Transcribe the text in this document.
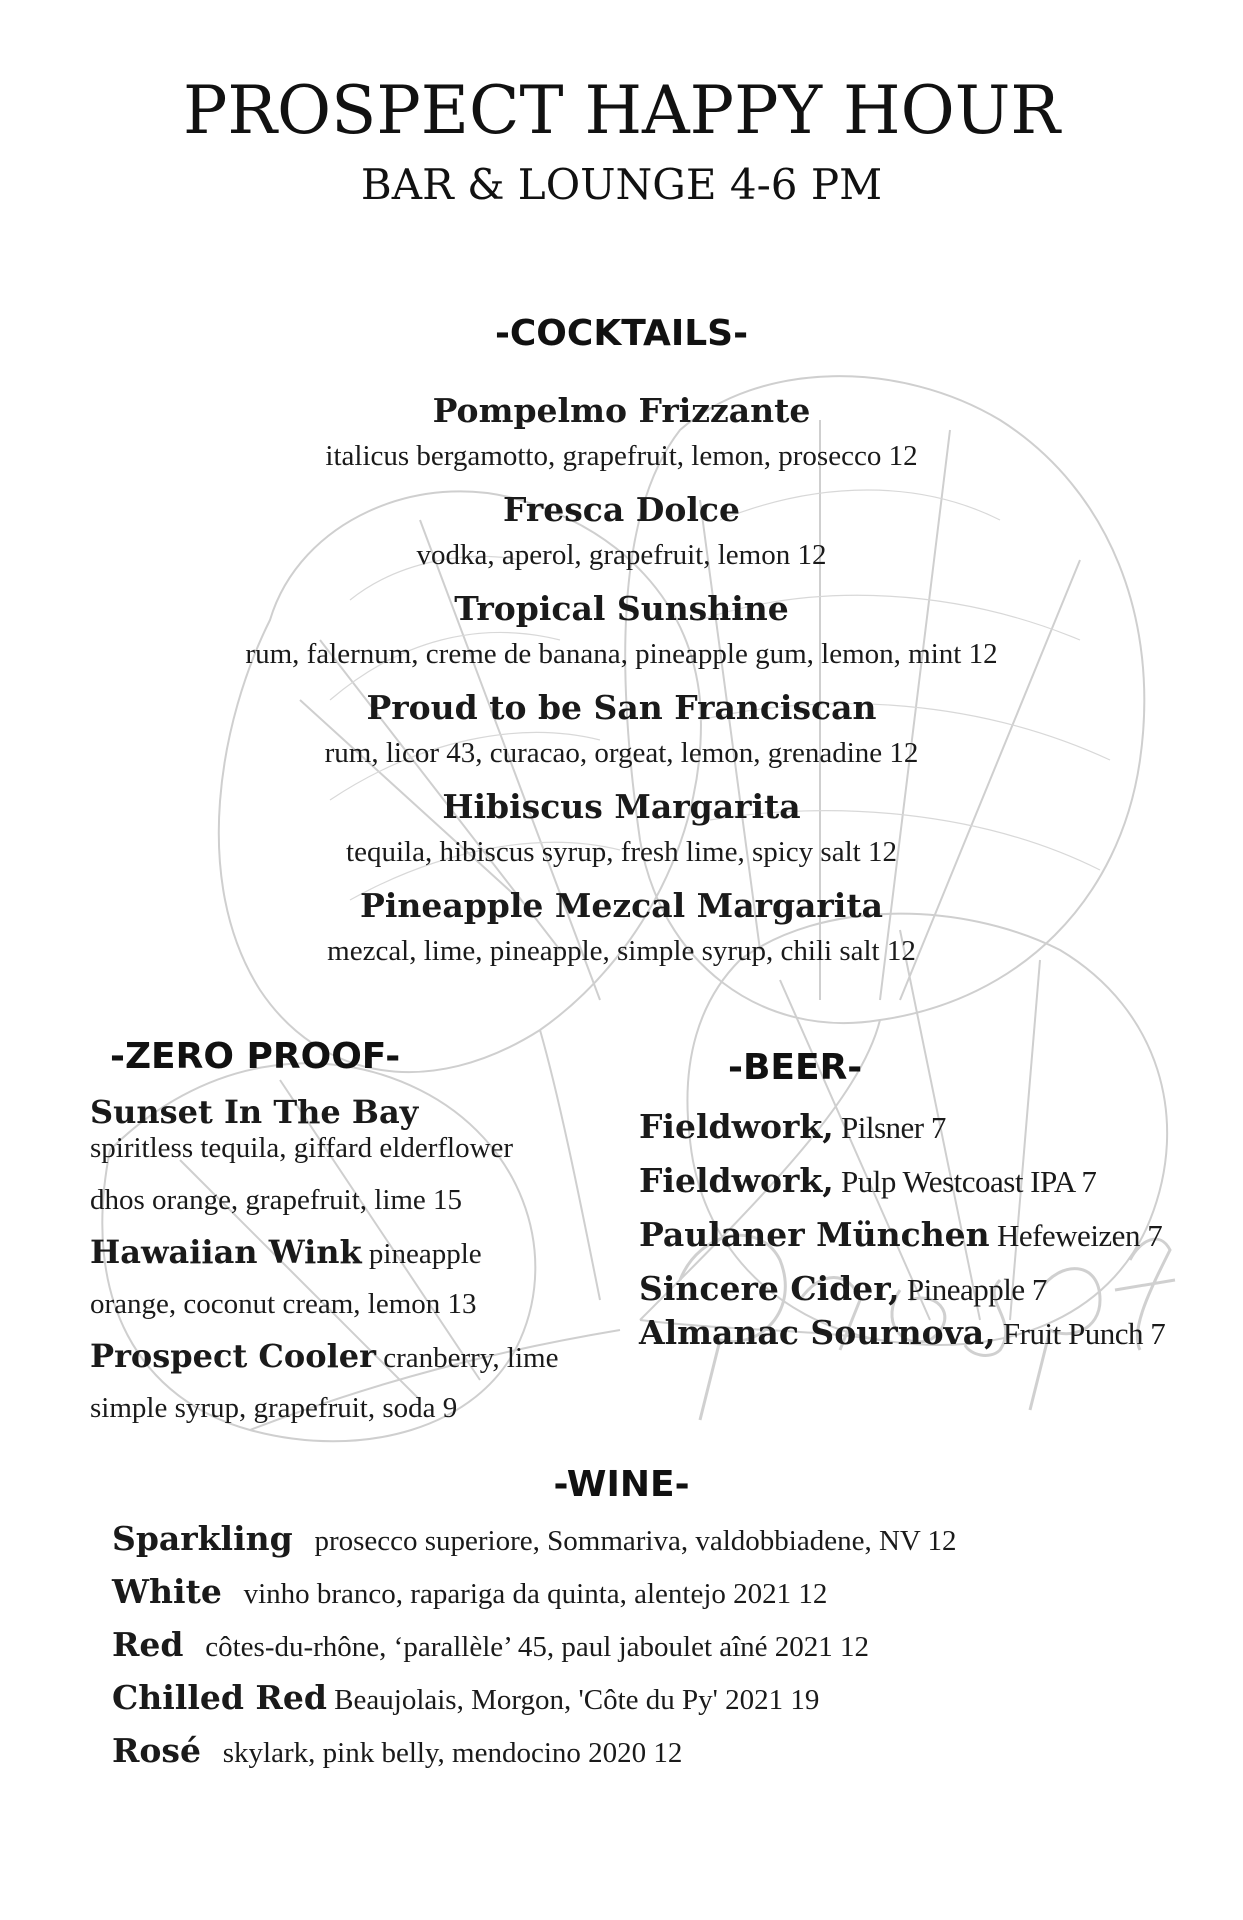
PROSPECT HAPPY HOUR
BAR & LOUNGE 4-6 PM
-COCKTAILS-
Pompelmo Frizzante
italicus bergamotto, grapefruit, lemon, prosecco 12
Fresca Dolce
vodka, aperol, grapefruit, lemon 12
Tropical Sunshine
rum, falernum, creme de banana, pineapple gum, lemon, mint 12
Proud to be San Franciscan
rum, licor 43, curacao, orgeat, lemon, grenadine 12
Hibiscus Margarita
tequila, hibiscus syrup, fresh lime, spicy salt 12
Pineapple Mezcal Margarita
mezcal, lime, pineapple, simple syrup, chili salt 12
-ZERO PROOF-
Sunset In The Bay
spiritless tequila, giffard elderflower
dhos orange, grapefruit, lime 15
Hawaiian Wink pineapple
orange, coconut cream, lemon 13
Prospect Cooler cranberry, lime
simple syrup, grapefruit, soda 9
-BEER-
Fieldwork, Pilsner 7
Fieldwork, Pulp Westcoast IPA 7
Paulaner München Hefeweizen 7
Sincere Cider, Pineapple 7
Almanac Sournova, Fruit Punch 7
-WINE-
Sparkling   prosecco superiore, Sommariva, valdobbiadene, NV 12
White   vinho branco, rapariga da quinta, alentejo 2021 12
Red   côtes-du-rhône, ‘parallèle’ 45, paul jaboulet aîné 2021 12
Chilled Red Beaujolais, Morgon, 'Côte du Py' 2021 19
Rosé   skylark, pink belly, mendocino 2020 12
